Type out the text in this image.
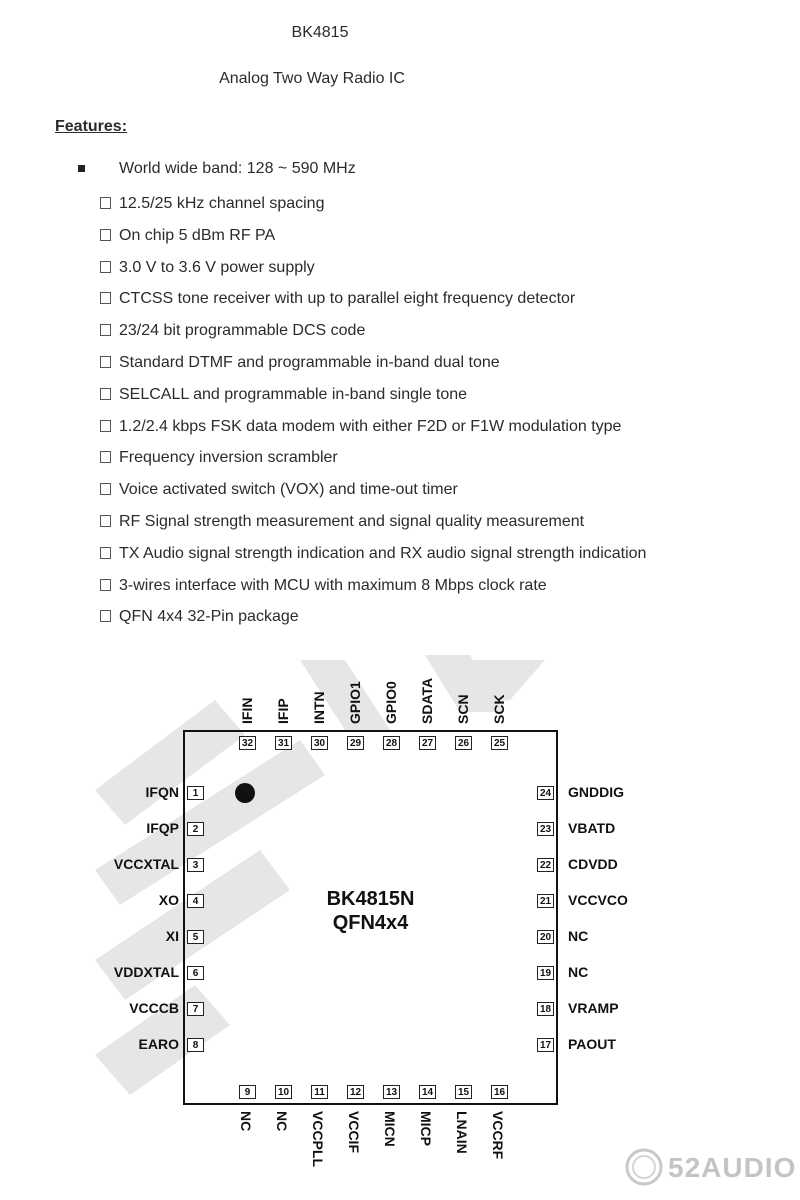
BK4815
Analog Two Way Radio IC
Features:
World wide band: 128 ~ 590 MHz
12.5/25 kHz channel spacing
On chip 5 dBm RF PA
3.0 V to 3.6 V power supply
CTCSS tone receiver with up to parallel eight frequency detector
23/24 bit programmable DCS code
Standard DTMF and programmable in-band dual tone
SELCALL and programmable in-band single tone
1.2/2.4 kbps FSK data modem with either F2D or F1W modulation type
Frequency inversion scrambler
Voice activated switch (VOX) and time-out timer
RF Signal strength measurement and signal quality measurement
TX Audio signal strength indication and RX audio signal strength indication
3-wires interface with MCU with maximum 8 Mbps clock rate
QFN 4x4 32-Pin package
BK4815N
QFN4x4
1
IFQN
2
IFQP
3
VCCXTAL
4
XO
5
XI
6
VDDXTAL
7
VCCCB
8
EARO	17 PAOUT
18 VRAMP
19 NC
20 NC
21 VCCVCO
22 CDVDD
23 VBATD
24 GNDDIG
9
NC
10
NC
11
VCCPLL
12
VCCIF
13
MICN
14
MICP
15
LNAIN
16
VCCRF
25
SCK
26
SCN
27
SDATA
28
GPIO0
29
GPIO1
30
INTN
31
IFIP
32
IFIN
52AUDIO
